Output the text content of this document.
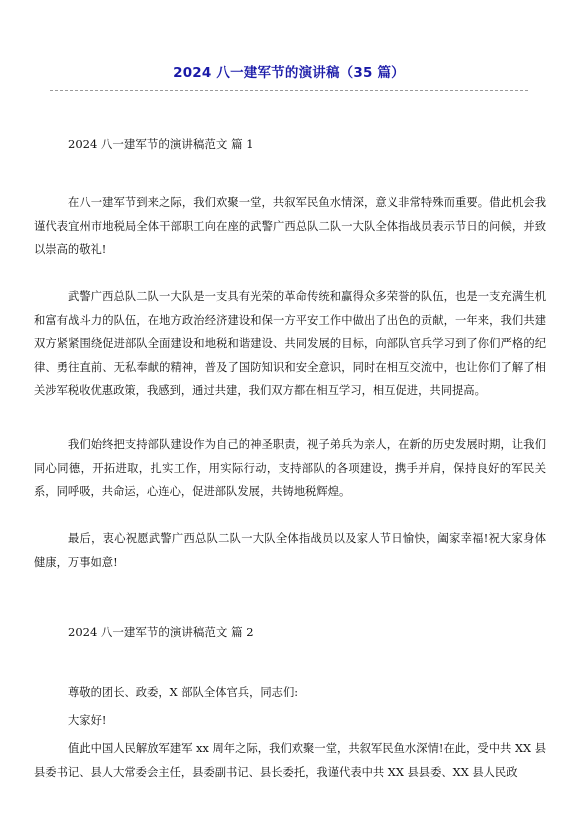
2024 八一建军节的演讲稿（35 篇）
2024 八一建军节的演讲稿范文 篇 1

在八一建军节到来之际，我们欢聚一堂，共叙军民鱼水情深，意义非常特殊而重要。借此机会我谨代表宜州市地税局全体干部职工向在座的武警广西总队二队一大队全体指战员表示节日的问候，并致以崇高的敬礼!

武警广西总队二队一大队是一支具有光荣的革命传统和赢得众多荣誉的队伍，也是一支充满生机和富有战斗力的队伍，在地方政治经济建设和保一方平安工作中做出了出色的贡献，一年来，我们共建双方紧紧围绕促进部队全面建设和地税和谐建设、共同发展的目标，向部队官兵学习到了你们严格的纪律、勇往直前、无私奉献的精神，普及了国防知识和安全意识，同时在相互交流中，也让你们了解了相关涉军税收优惠政策，我感到，通过共建，我们双方都在相互学习，相互促进，共同提高。

我们始终把支持部队建设作为自己的神圣职责，视子弟兵为亲人，在新的历史发展时期，让我们同心同德，开拓进取，扎实工作，用实际行动，支持部队的各项建设，携手并肩，保持良好的军民关系，同呼吸，共命运，心连心，促进部队发展，共铸地税辉煌。

最后，衷心祝愿武警广西总队二队一大队全体指战员以及家人节日愉快，阖家幸福!祝大家身体健康，万事如意!

2024 八一建军节的演讲稿范文 篇 2
尊敬的团长、政委，X 部队全体官兵，同志们:
大家好!

值此中国人民解放军建军 xx 周年之际，我们欢聚一堂，共叙军民鱼水深情!在此，受中共 XX 县县委书记、县人大常委会主任，县委副书记、县长委托，我谨代表中共 XX 县县委、XX 县人民政
